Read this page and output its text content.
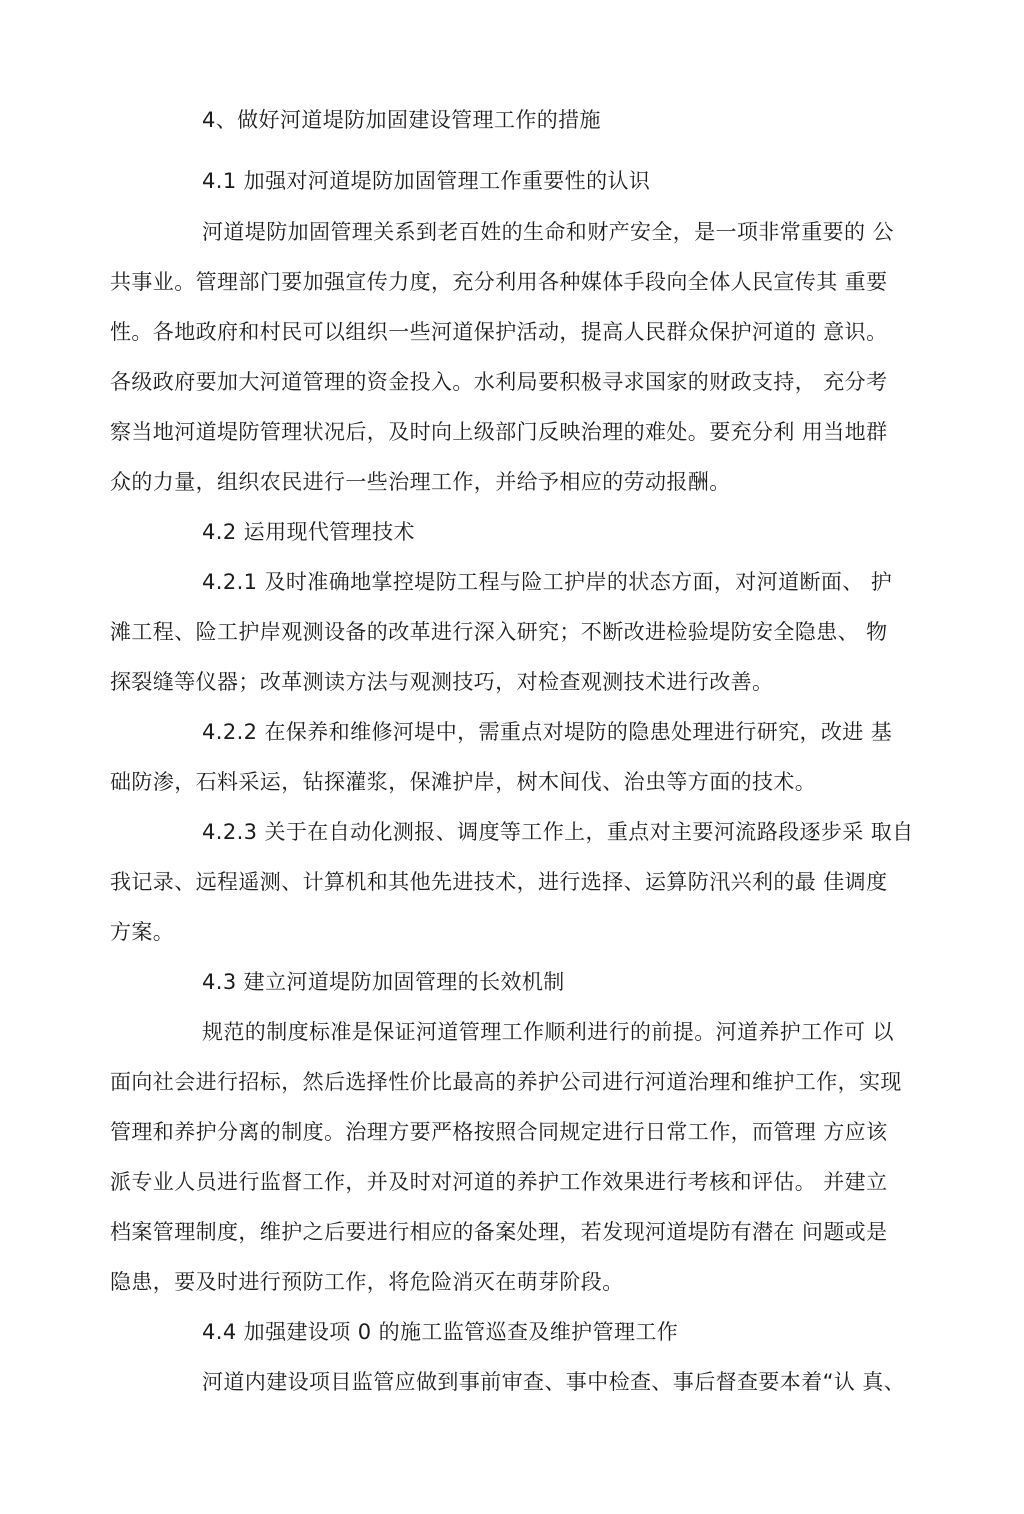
4、做好河道堤防加固建设管理工作的措施
4.1 加强对河道堤防加固管理工作重要性的认识
河道堤防加固管理关系到老百姓的生命和财产安全，是一项非常重要的 公
共事业。管理部门要加强宣传力度，充分利用各种媒体手段向全体人民宣传其 重要
性。各地政府和村民可以组织一些河道保护活动，提高人民群众保护河道的 意识。
各级政府要加大河道管理的资金投入。水利局要积极寻求国家的财政支持， 充分考
察当地河道堤防管理状况后，及时向上级部门反映治理的难处。要充分利 用当地群
众的力量，组织农民进行一些治理工作，并给予相应的劳动报酬。
4.2 运用现代管理技术
4.2.1 及时准确地掌控堤防工程与险工护岸的状态方面，对河道断面、 护
滩工程、险工护岸观测设备的改革进行深入研究；不断改进检验堤防安全隐患、 物
探裂缝等仪器；改革测读方法与观测技巧，对检查观测技术进行改善。
4.2.2 在保养和维修河堤中，需重点对堤防的隐患处理进行研究，改进 基
础防渗，石料采运，钻探灌浆，保滩护岸，树木间伐、治虫等方面的技术。
4.2.3 关于在自动化测报、调度等工作上，重点对主要河流路段逐步采 取自
我记录、远程遥测、计算机和其他先进技术，进行选择、运算防汛兴利的最 佳调度
方案。
4.3 建立河道堤防加固管理的长效机制
规范的制度标准是保证河道管理工作顺利进行的前提。河道养护工作可 以
面向社会进行招标，然后选择性价比最高的养护公司进行河道治理和维护工作，实现
管理和养护分离的制度。治理方要严格按照合同规定进行日常工作，而管理 方应该
派专业人员进行监督工作，并及时对河道的养护工作效果进行考核和评估。 并建立
档案管理制度，维护之后要进行相应的备案处理，若发现河道堤防有潜在 问题或是
隐患，要及时进行预防工作，将危险消灭在萌芽阶段。
4.4 加强建设项 0 的施工监管巡查及维护管理工作
河道内建设项目监管应做到事前审查、事中检查、事后督查要本着“认 真、
